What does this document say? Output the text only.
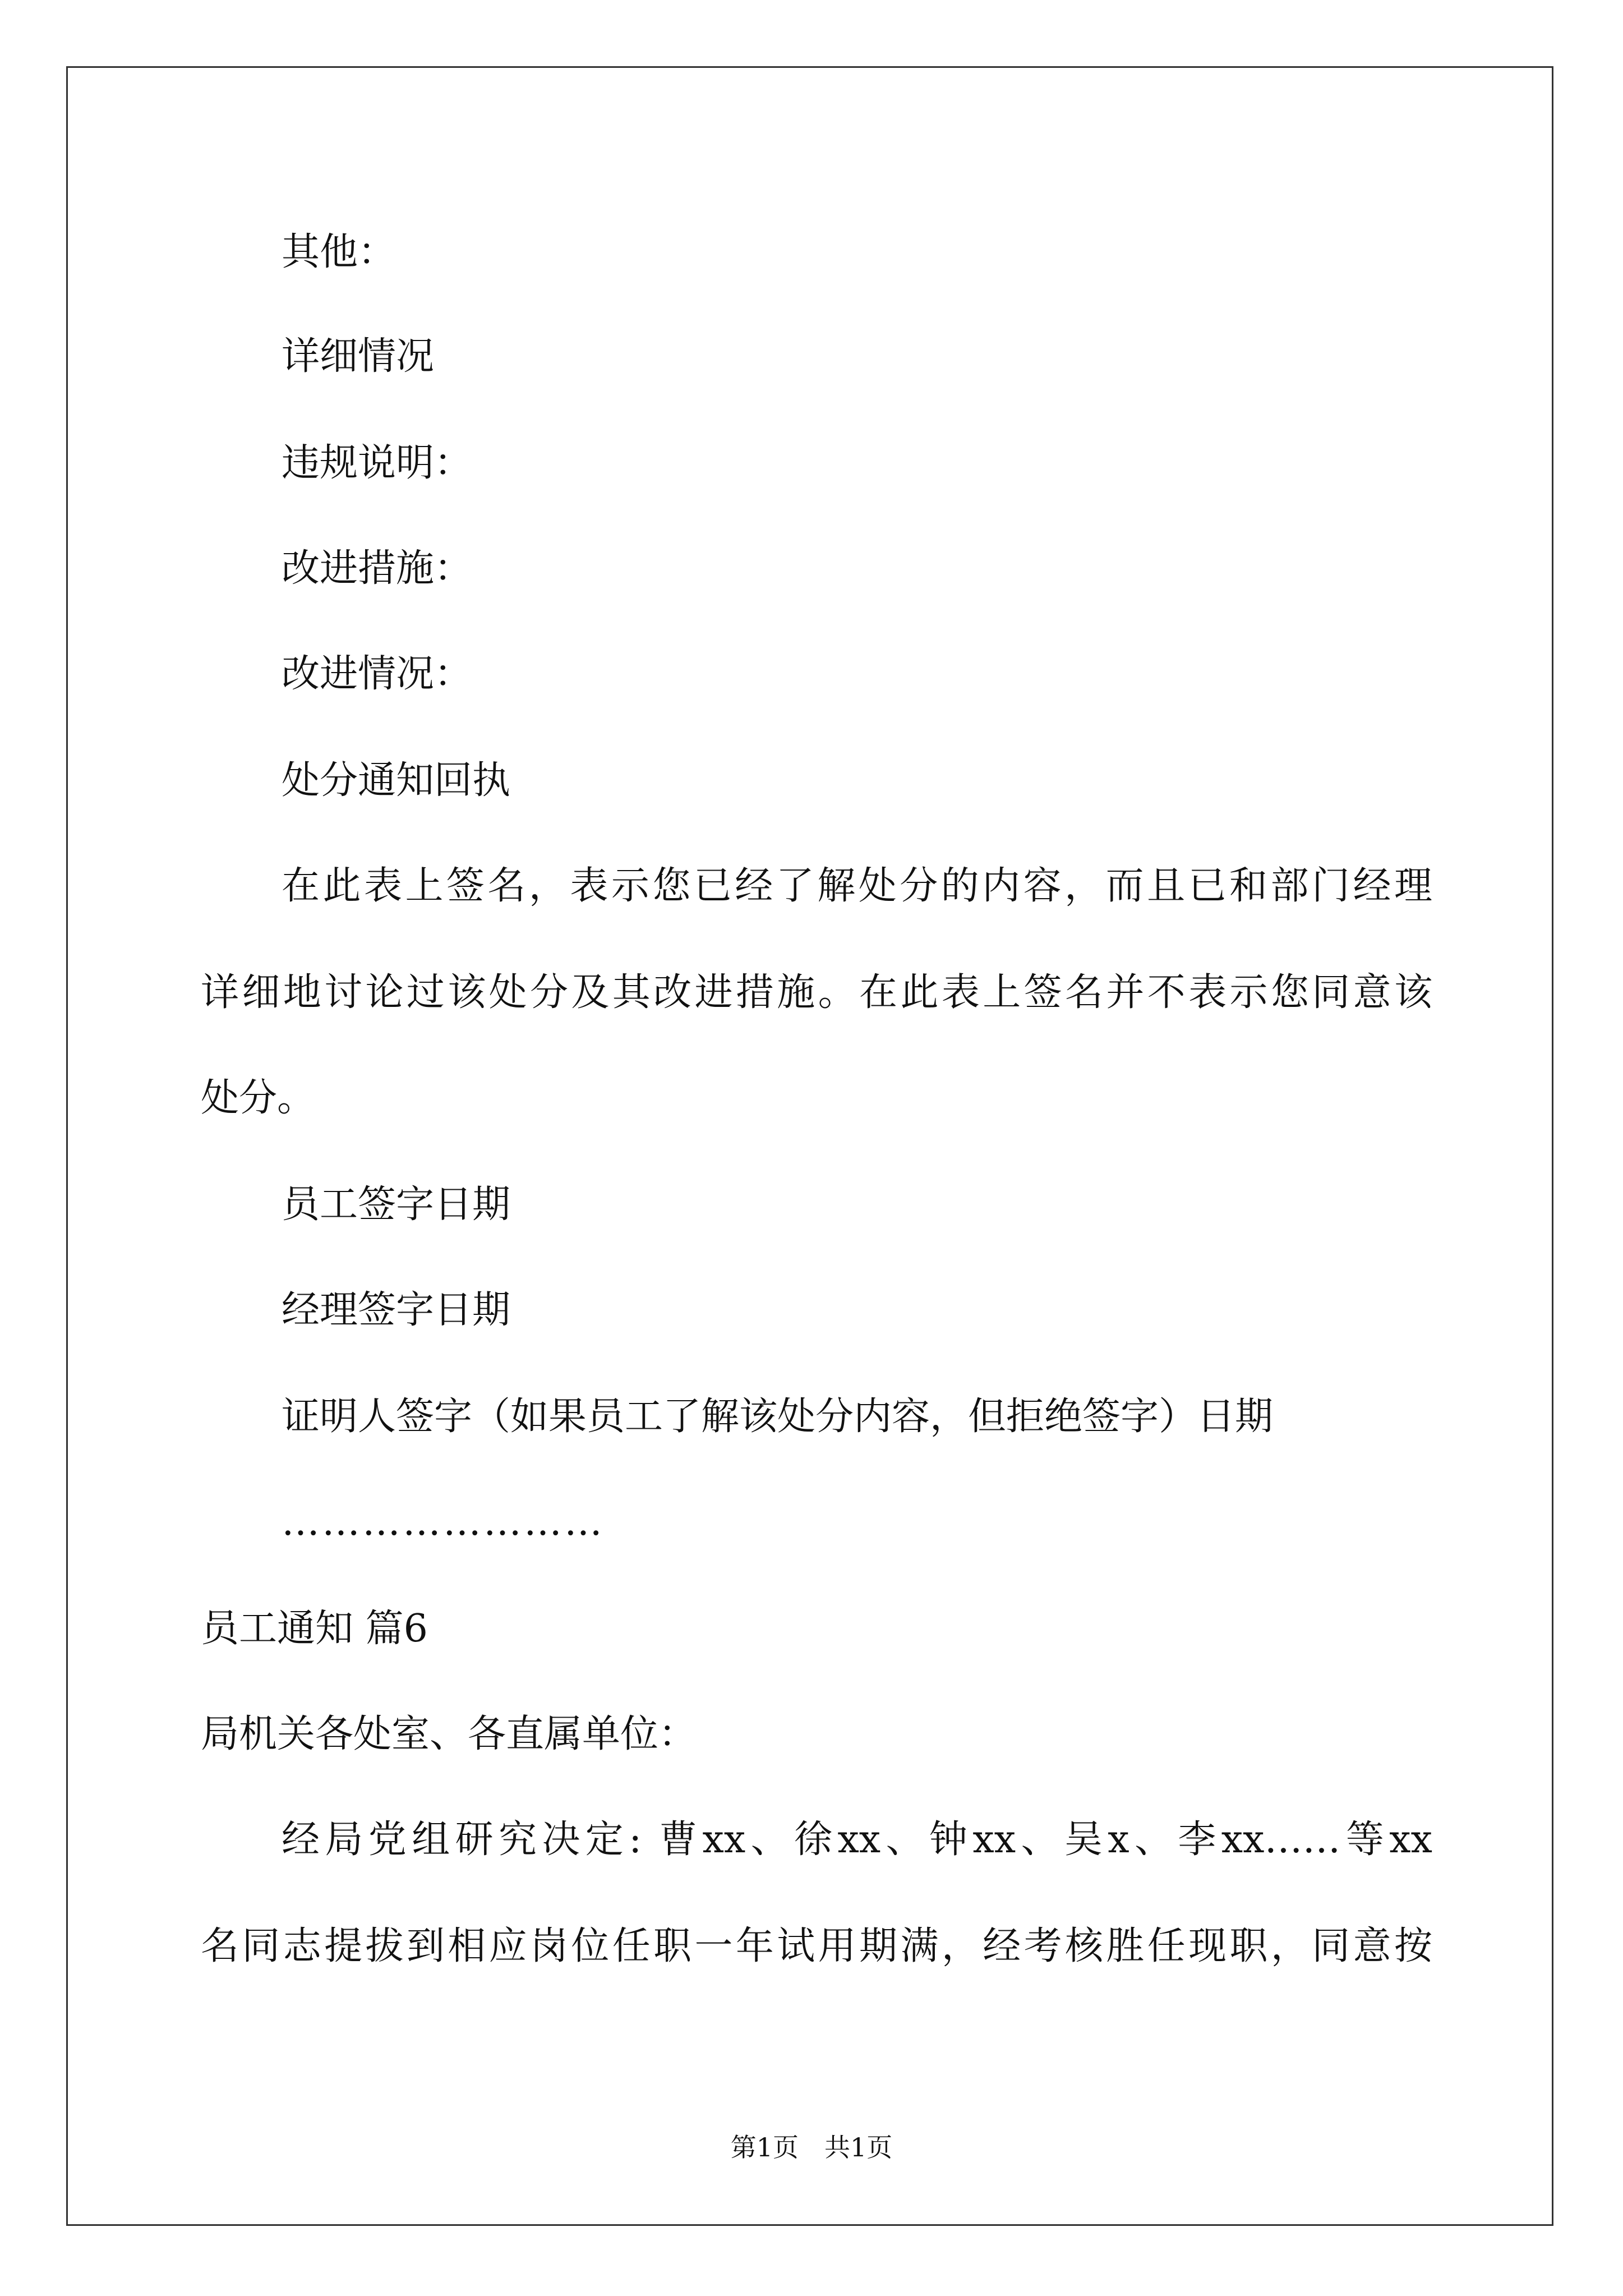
其他：

详细情况

违规说明：

改进措施：

改进情况：

处分通知回执

在此表上签名，表示您已经了解处分的内容，而且已和部门经理

详细地讨论过该处分及其改进措施。在此表上签名并不表示您同意该

处分。

员工签字日期

经理签字日期

证明人签字（如果员工了解该处分内容，但拒绝签字）日期

……………………

员工通知 篇6

局机关各处室、各直属单位：

经局党组研究决定: 曹xx、徐xx、钟xx、吴x、李xx……等xx

名同志提拔到相应岗位任职一年试用期满，经考核胜任现职，同意按

第1页　共1页
